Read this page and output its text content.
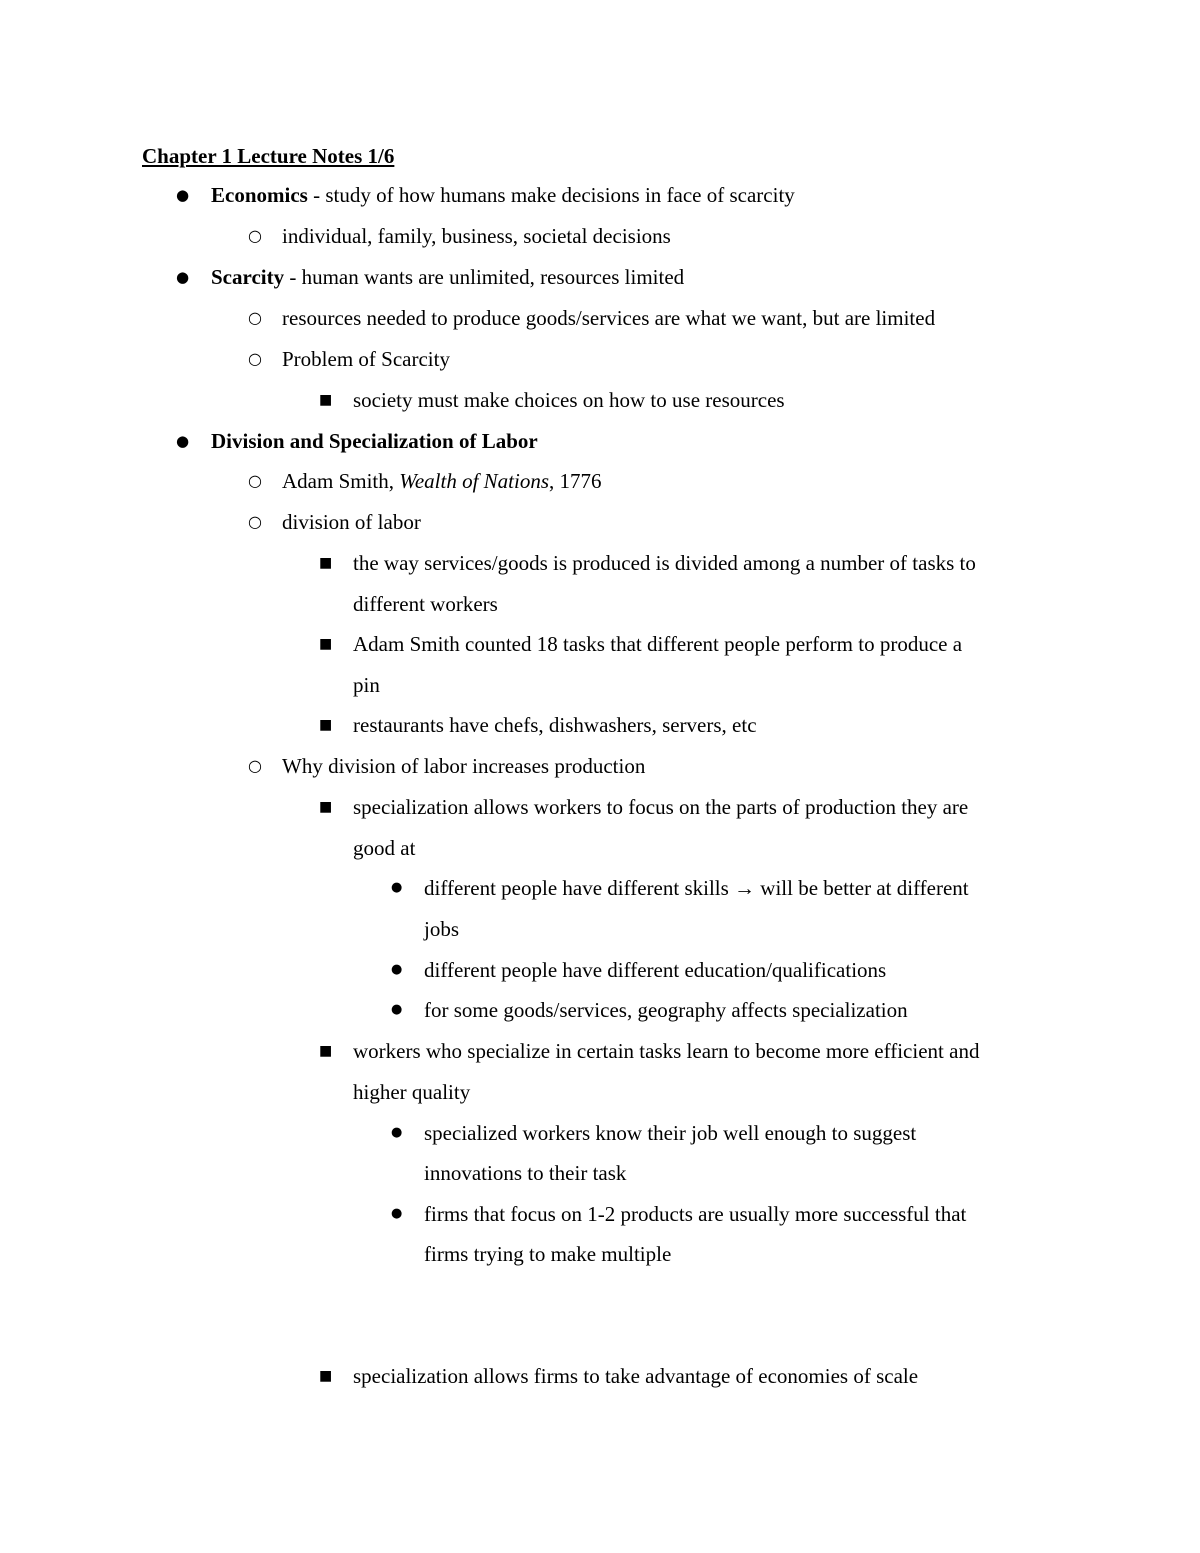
Chapter 1 Lecture Notes 1/6
● Economics - study of how humans make decisions in face of scarcity
○ individual, family, business, societal decisions
● Scarcity - human wants are unlimited, resources limited
○ resources needed to produce goods/services are what we want, but are limited
○ Problem of Scarcity
■ society must make choices on how to use resources
● Division and Specialization of Labor
○ Adam Smith, Wealth of Nations, 1776
○ division of labor
■ the way services/goods is produced is divided among a number of tasks to
different workers
■ Adam Smith counted 18 tasks that different people perform to produce a
pin
■ restaurants have chefs, dishwashers, servers, etc
○ Why division of labor increases production
■ specialization allows workers to focus on the parts of production they are
good at
● different people have different skills → will be better at different
jobs
● different people have different education/qualifications
● for some goods/services, geography affects specialization
■ workers who specialize in certain tasks learn to become more efficient and
higher quality
● specialized workers know their job well enough to suggest
innovations to their task
● firms that focus on 1-2 products are usually more successful that
firms trying to make multiple
■ specialization allows firms to take advantage of economies of scale
